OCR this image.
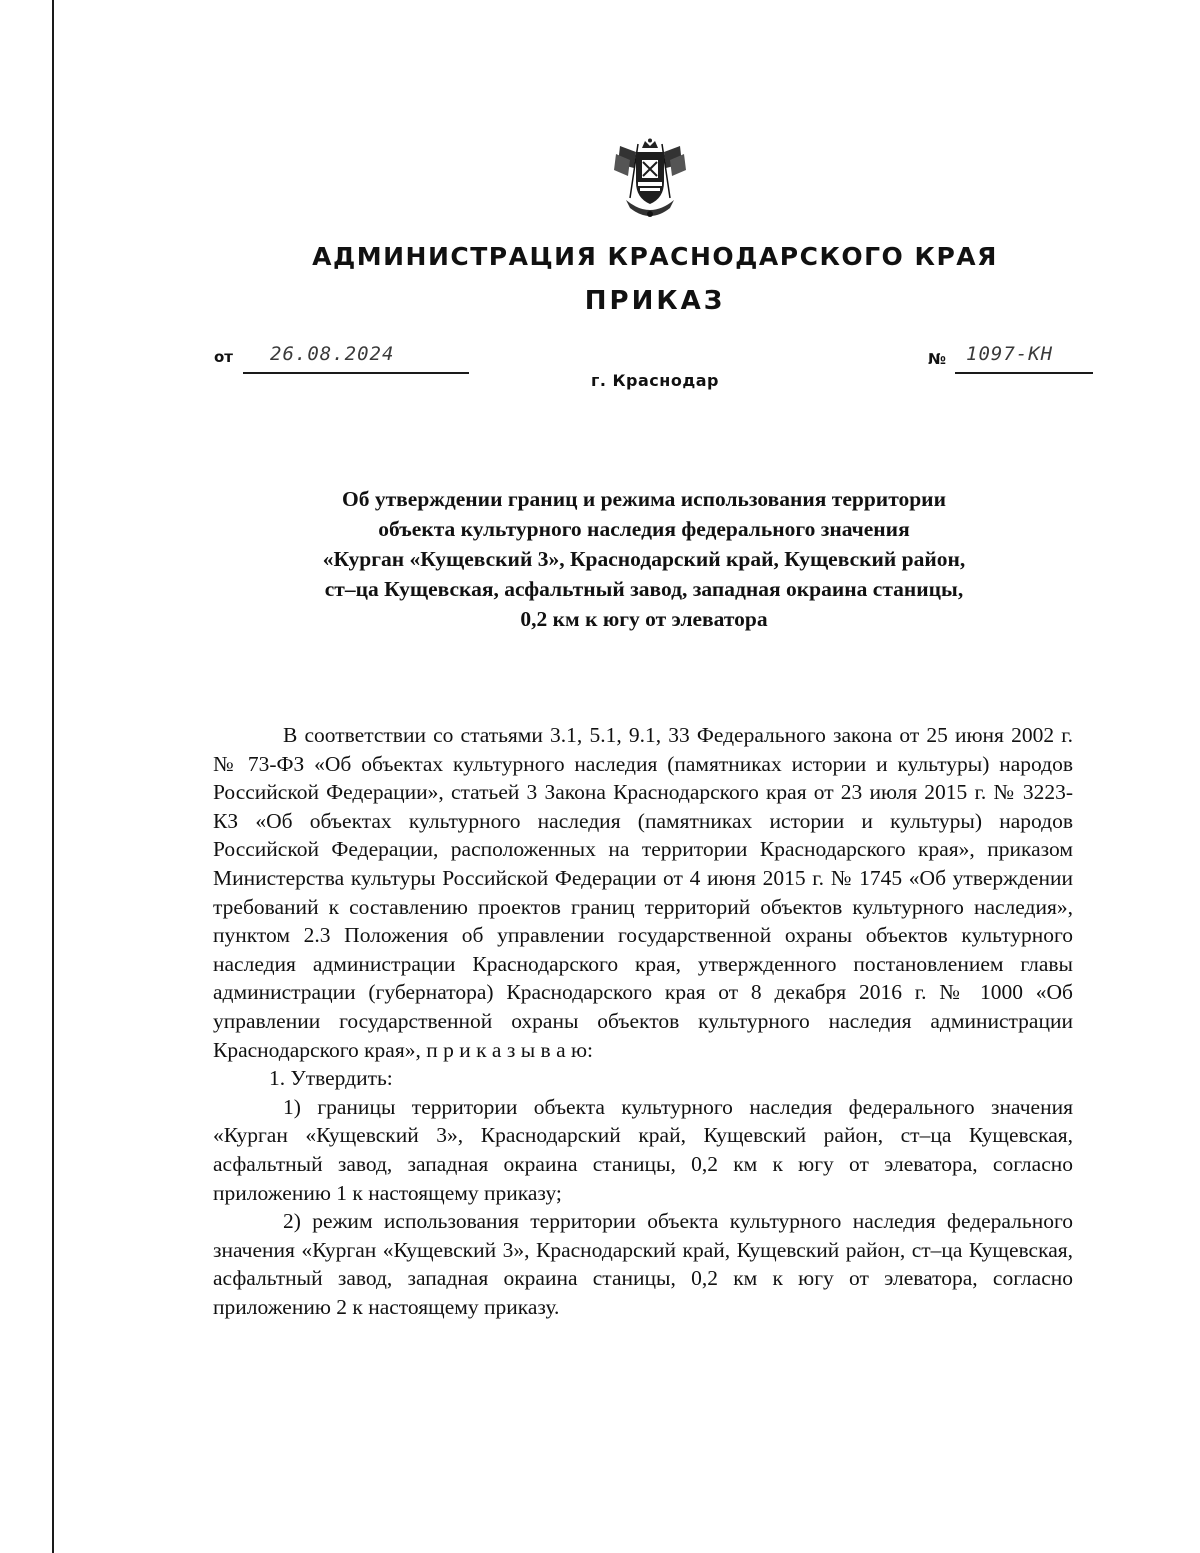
АДМИНИСТРАЦИЯ КРАСНОДАРСКОГО КРАЯ
ПРИКАЗ
от 26.08.2024	№ 1097-КН
г. Краснодар
Об утверждении границ и режима использования территории
объекта культурного наследия федерального значения
«Курган «Кущевский 3», Краснодарский край, Кущевский район,
ст–ца Кущевская, асфальтный завод, западная окраина станицы,
0,2 км к югу от элеватора

В соответствии со статьями 3.1, 5.1, 9.1, 33 Федерального закона от 25 июня 2002 г. № 73-ФЗ «Об объектах культурного наследия (памятниках истории и культуры) народов Российской Федерации», статьей 3 Закона Краснодарского края от 23 июля 2015 г. № 3223-КЗ «Об объектах культурного наследия (памятниках истории и культуры) народов Российской Федерации, расположенных на территории Краснодарского края», приказом Министерства культуры Российской Федерации от 4 июня 2015 г. № 1745 «Об утверждении требований к составлению проектов границ территорий объектов культурного наследия», пунктом 2.3 Положения об управлении государственной охраны объектов культурного наследия администрации Краснодарского края, утвержденного постановлением главы администрации (губернатора) Краснодарского края от 8 декабря 2016 г. № 1000 «Об управлении государственной охраны объектов культурного наследия администрации Краснодарского края», п р и к а з ы в а ю:

1. Утвердить:

1) границы территории объекта культурного наследия федерального значения «Курган «Кущевский 3», Краснодарский край, Кущевский район, ст–ца Кущевская, асфальтный завод, западная окраина станицы, 0,2 км к югу от элеватора, согласно приложению 1 к настоящему приказу;

2) режим использования территории объекта культурного наследия федерального значения «Курган «Кущевский 3», Краснодарский край, Кущевский район, ст–ца Кущевская, асфальтный завод, западная окраина станицы, 0,2 км к югу от элеватора, согласно приложению 2 к настоящему приказу.
